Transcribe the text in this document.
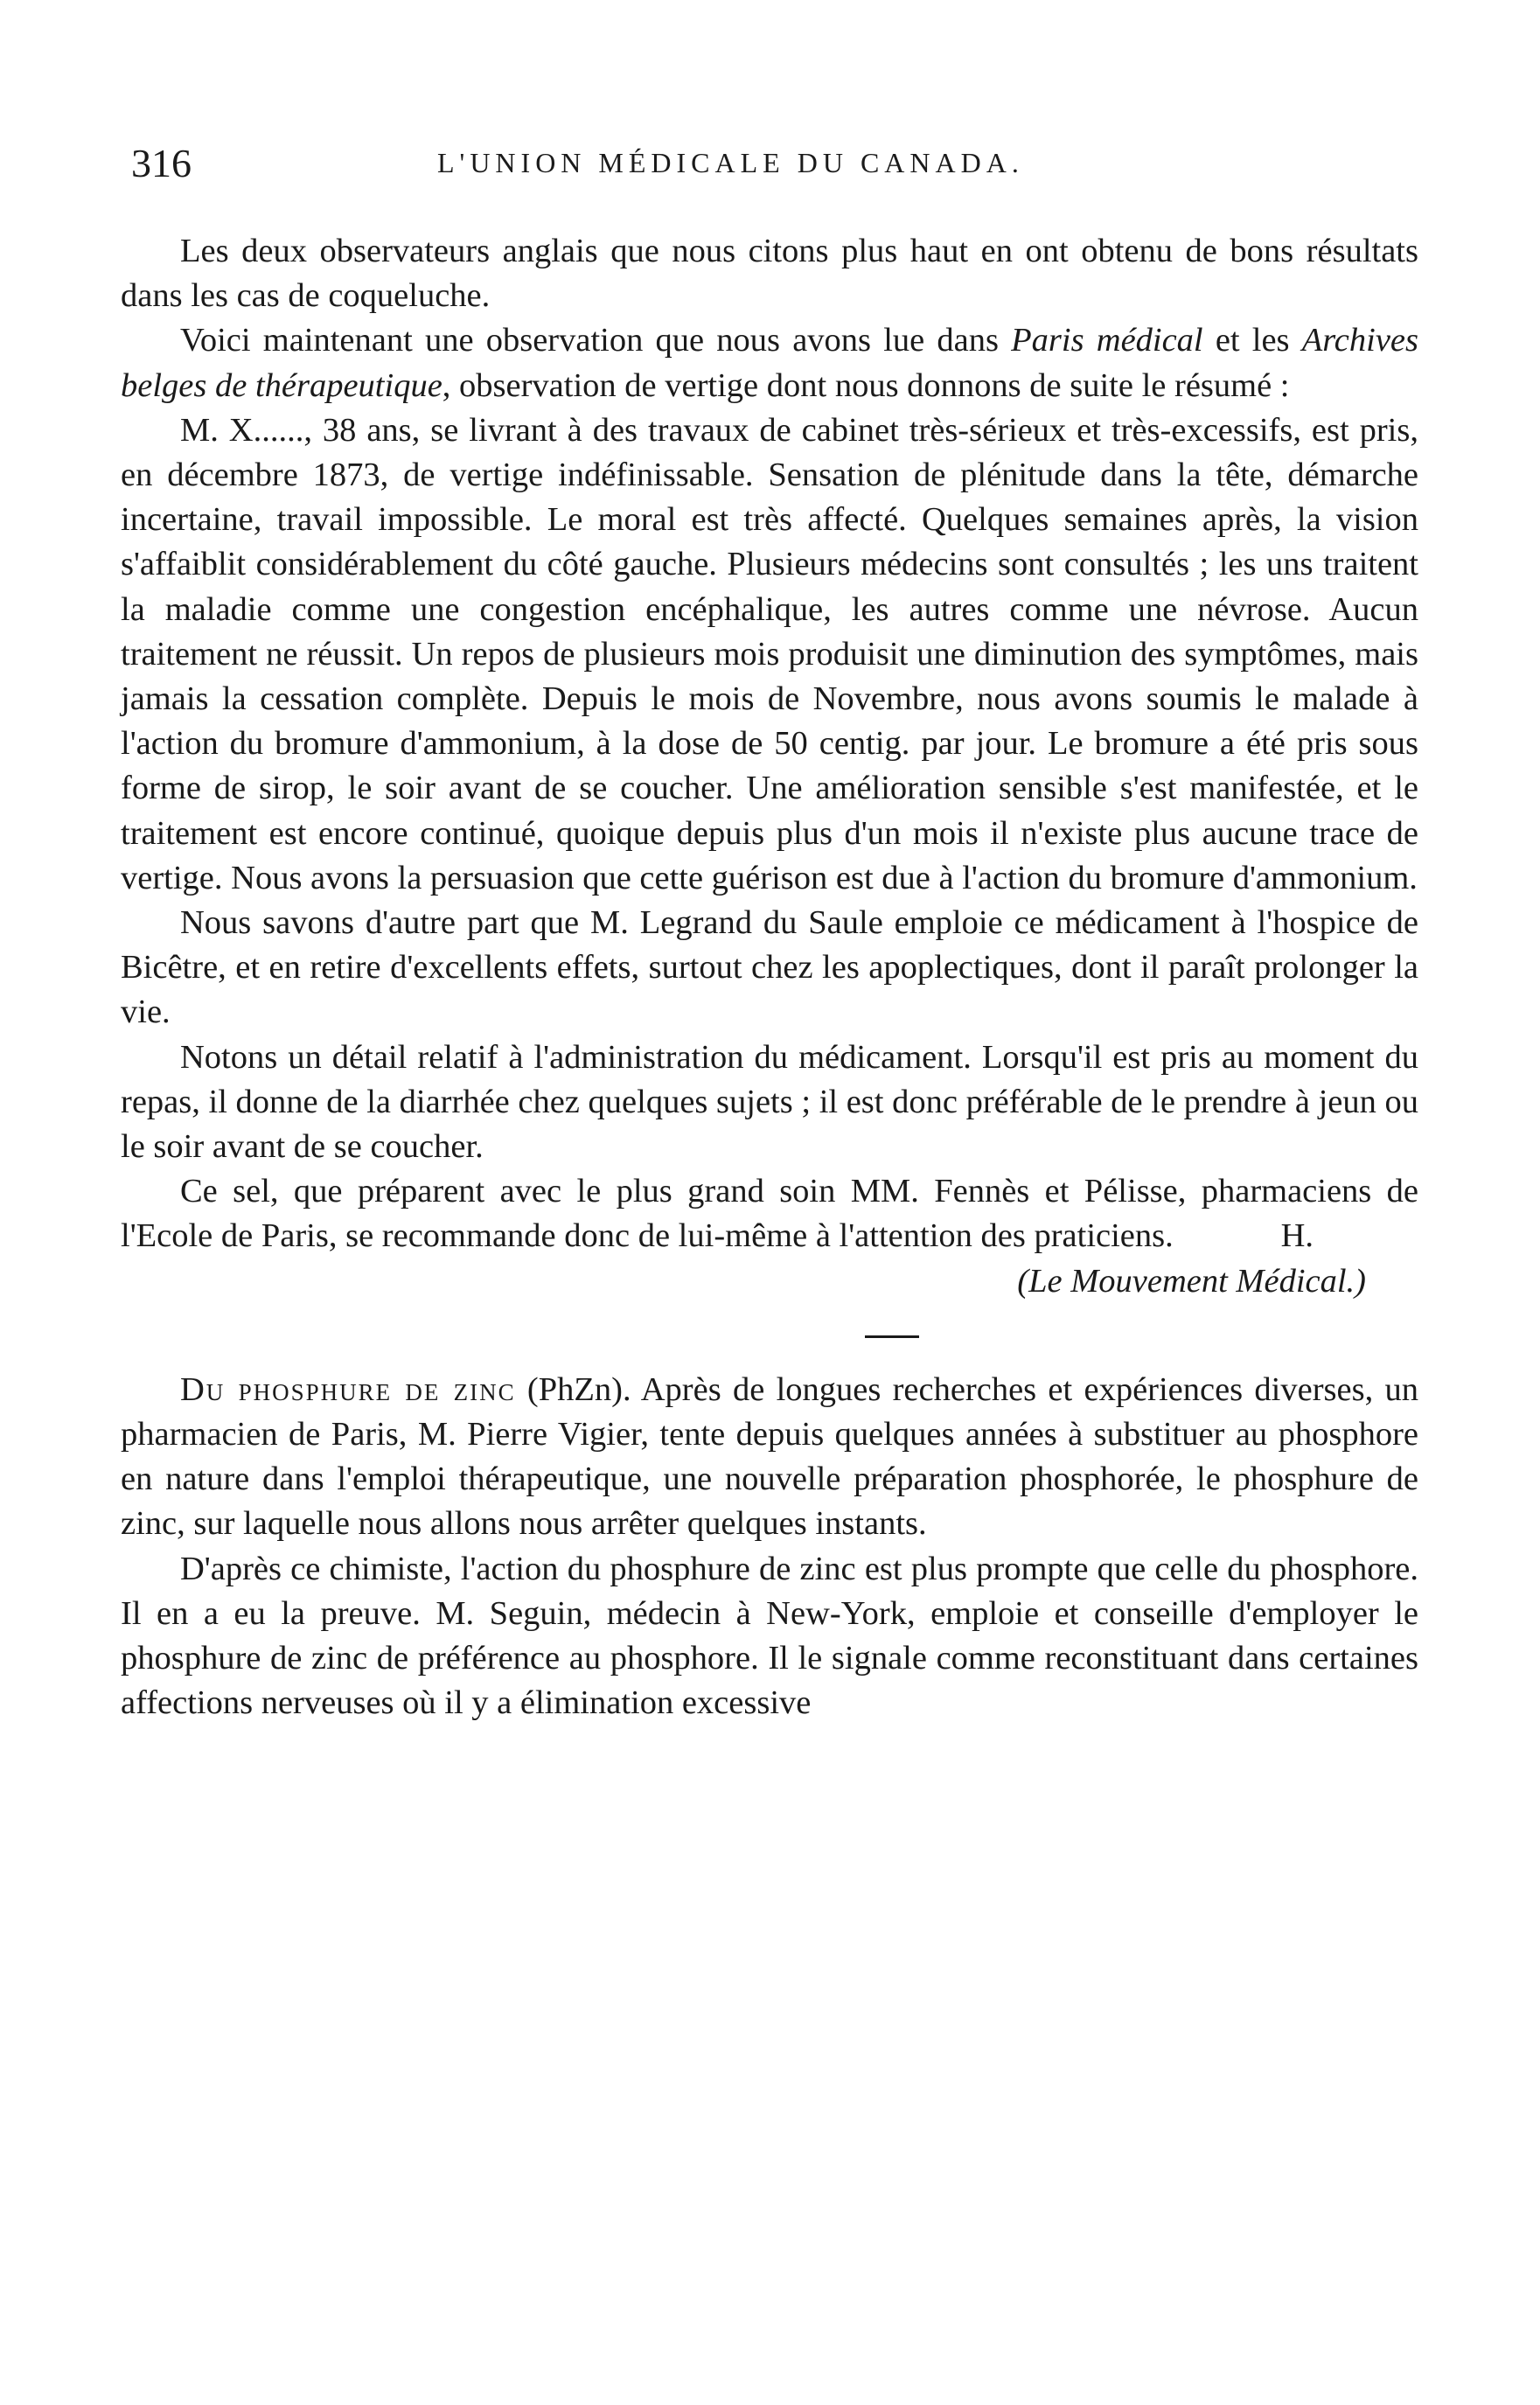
316	L'UNION MÉDICALE DU CANADA.

Les deux observateurs anglais que nous citons plus haut en ont obtenu de bons résultats dans les cas de coqueluche.

Voici maintenant une observation que nous avons lue dans Paris médical et les Archives belges de thérapeutique, observation de vertige dont nous donnons de suite le résumé :

M. X......, 38 ans, se livrant à des travaux de cabinet très-sérieux et très-excessifs, est pris, en décembre 1873, de vertige indéfinissable. Sensation de plénitude dans la tête, démarche incertaine, travail impossible. Le moral est très affecté. Quelques semaines après, la vision s'affaiblit considérablement du côté gauche. Plusieurs médecins sont consultés ; les uns traitent la maladie comme une congestion encéphalique, les autres comme une névrose. Aucun traitement ne réussit. Un repos de plusieurs mois produisit une diminution des symptômes, mais jamais la cessation complète. Depuis le mois de Novembre, nous avons soumis le malade à l'action du bromure d'ammonium, à la dose de 50 centig. par jour. Le bromure a été pris sous forme de sirop, le soir avant de se coucher. Une amélioration sensible s'est manifestée, et le traitement est encore continué, quoique depuis plus d'un mois il n'existe plus aucune trace de vertige. Nous avons la persuasion que cette guérison est due à l'action du bromure d'ammonium.

Nous savons d'autre part que M. Legrand du Saule emploie ce médicament à l'hospice de Bicêtre, et en retire d'excellents effets, surtout chez les apoplectiques, dont il paraît prolonger la vie.

Notons un détail relatif à l'administration du médicament. Lorsqu'il est pris au moment du repas, il donne de la diarrhée chez quelques sujets ; il est donc préférable de le prendre à jeun ou le soir avant de se coucher.

Ce sel, que préparent avec le plus grand soin MM. Fennès et Pélisse, pharmaciens de l'Ecole de Paris, se recommande donc de lui-même à l'attention des praticiens.	H.

(Le Mouvement Médical.)

Du phosphure de zinc (PhZn). Après de longues recherches et expériences diverses, un pharmacien de Paris, M. Pierre Vigier, tente depuis quelques années à substituer au phosphore en nature dans l'emploi thérapeutique, une nouvelle préparation phosphorée, le phosphure de zinc, sur laquelle nous allons nous arrêter quelques instants.

D'après ce chimiste, l'action du phosphure de zinc est plus prompte que celle du phosphore. Il en a eu la preuve. M. Seguin, médecin à New-York, emploie et conseille d'employer le phosphure de zinc de préférence au phosphore. Il le signale comme reconstituant dans certaines affections nerveuses où il y a élimination excessive
